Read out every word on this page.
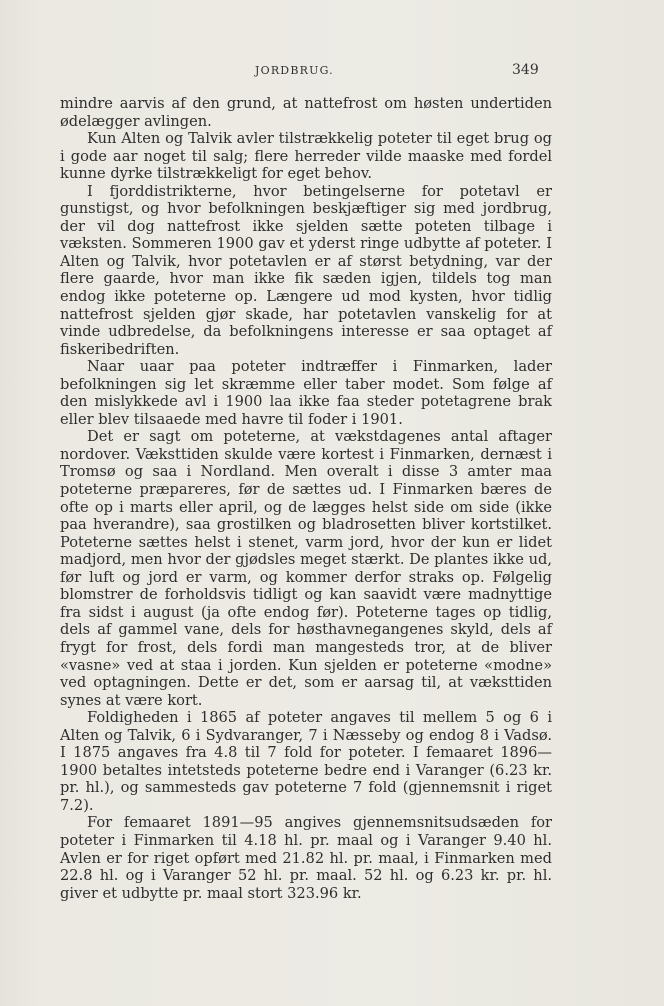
JORDBRUG.	349

mindre aarvis af den grund, at nattefrost om høsten undertiden ødelægger avlingen.

Kun Alten og Talvik avler tilstrækkelig poteter til eget brug og i gode aar noget til salg; flere herreder vilde maaske med fordel kunne dyrke tilstrækkeligt for eget behov.

I fjorddistrikterne, hvor betingelserne for potetavl er gunstigst, og hvor befolkningen beskjæftiger sig med jordbrug, der vil dog nattefrost ikke sjelden sætte poteten tilbage i væksten. Sommeren 1900 gav et yderst ringe udbytte af poteter. I Alten og Talvik, hvor potetavlen er af størst betydning, var der flere gaarde, hvor man ikke fik sæden igjen, tildels tog man endog ikke poteterne op. Længere ud mod kysten, hvor tidlig nattefrost sjelden gjør skade, har potetavlen vanskelig for at vinde udbredelse, da befolkningens interesse er saa optaget af fiskeribedriften.

Naar uaar paa poteter indtræffer i Finmarken, lader befolkningen sig let skræmme eller taber modet. Som følge af den mislykkede avl i 1900 laa ikke faa steder potetagrene brak eller blev tilsaaede med havre til foder i 1901.

Det er sagt om poteterne, at vækstdagenes antal aftager nordover. Væksttiden skulde være kortest i Finmarken, dernæst i Tromsø og saa i Nordland. Men overalt i disse 3 amter maa poteterne præpareres, før de sættes ud. I Finmarken bæres de ofte op i marts eller april, og de lægges helst side om side (ikke paa hverandre), saa grostilken og bladrosetten bliver kortstilket. Poteterne sættes helst i stenet, varm jord, hvor der kun er lidet madjord, men hvor der gjødsles meget stærkt. De plantes ikke ud, før luft og jord er varm, og kommer derfor straks op. Følgelig blomstrer de forholdsvis tidligt og kan saavidt være madnyttige fra sidst i august (ja ofte endog før). Poteterne tages op tidlig, dels af gammel vane, dels for høsthavnegangenes skyld, dels af frygt for frost, dels fordi man mangesteds tror, at de bliver «vasne» ved at staa i jorden. Kun sjelden er poteterne «modne» ved optagningen. Dette er det, som er aarsag til, at væksttiden synes at være kort.

Foldigheden i 1865 af poteter angaves til mellem 5 og 6 i Alten og Talvik, 6 i Sydvaranger, 7 i Næsseby og endog 8 i Vadsø. I 1875 angaves fra 4.8 til 7 fold for poteter. I femaaret 1896—1900 betaltes intetsteds poteterne bedre end i Varanger (6.23 kr. pr. hl.), og sammesteds gav poteterne 7 fold (gjennemsnit i riget 7.2).

For femaaret 1891—95 angives gjennemsnitsudsæden for poteter i Finmarken til 4.18 hl. pr. maal og i Varanger 9.40 hl. Avlen er for riget opført med 21.82 hl. pr. maal, i Finmarken med 22.8 hl. og i Varanger 52 hl. pr. maal. 52 hl. og 6.23 kr. pr. hl. giver et udbytte pr. maal stort 323.96 kr.
